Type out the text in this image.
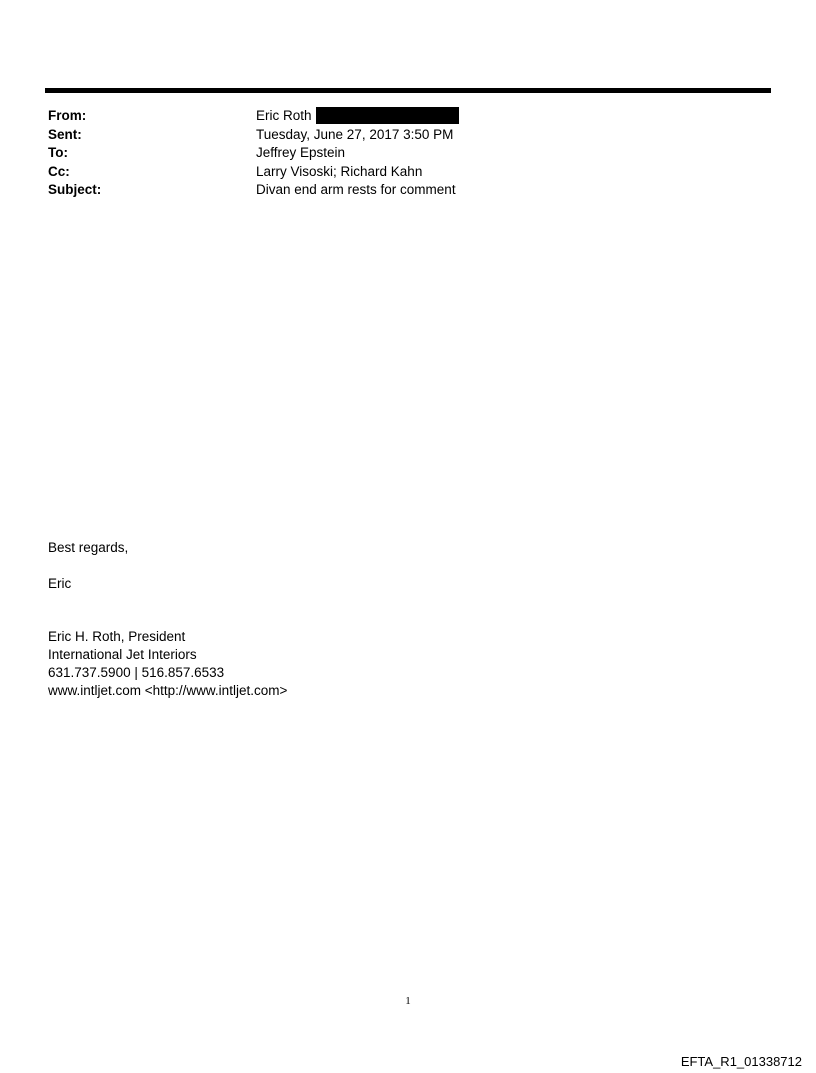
From:	Eric Roth
Sent:	Tuesday, June 27, 2017 3:50 PM
To:	Jeffrey Epstein
Cc:	Larry Visoski; Richard Kahn
Subject:	Divan end arm rests for comment
Best regards,
Eric
Eric H. Roth, President
International Jet Interiors
631.737.5900 | 516.857.6533
www.intljet.com <http://www.intljet.com>
1
EFTA_R1_01338712
